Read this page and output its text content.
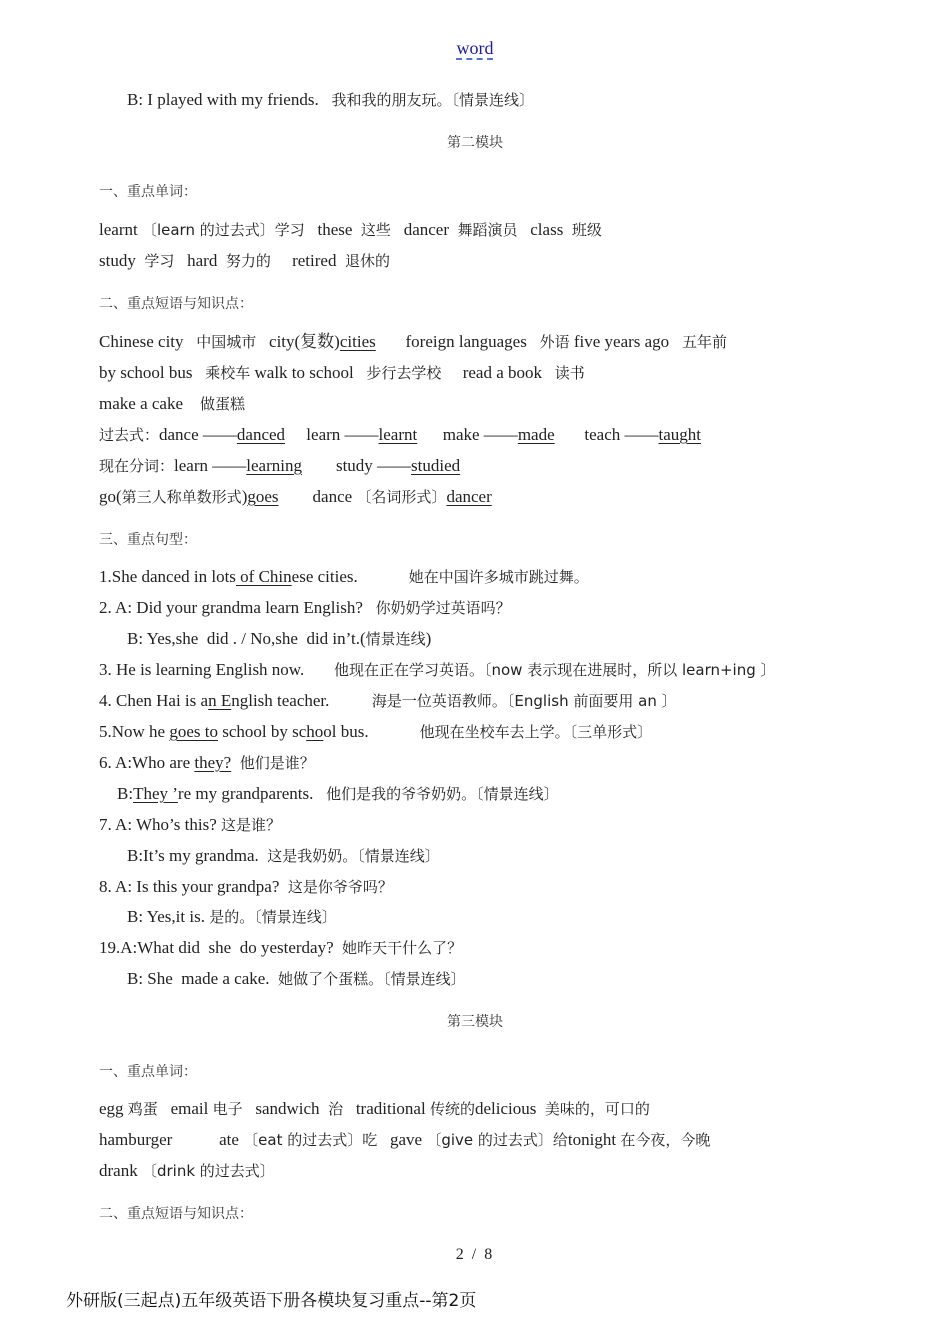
word
B: I played with my friends. 我和我的朋友玩。〔情景连线〕
第二模块
一、重点单词：
learnt 〔learn 的过去式〕学习 these 这些 dancer 舞蹈演员 class 班级
study 学习 hard 努力的 retired 退休的
二、重点短语与知识点：
Chinese city 中国城市 city(复数)cities foreign languages 外语 five years ago 五年前
by school bus 乘校车 walk to school 步行去学校 read a book 读书
make a cake 做蛋糕
过去式：dance ——danced learn ——learnt make ——made teach ——taught
现在分词：learn ——learning study ——studied
go(第三人称单数形式)goes dance 〔名词形式〕dancer
三、重点句型：
1.She danced in lots of Chinese cities.	她在中国许多城市跳过舞。
2. A: Did your grandma learn English? 你奶奶学过英语吗？
B: Yes,she  did . / No,she  did in’t.(情景连线)
3. He is learning English now. 他现在正在学习英语。〔now 表示现在进展时，所以 learn+ing 〕
4. Chen Hai is an English teacher.	海是一位英语教师。〔English 前面要用 an 〕
5.Now he goes to school by school bus.	他现在坐校车去上学。〔三单形式〕
6. A:Who are they? 他们是谁？
B:They ’re my grandparents. 他们是我的爷爷奶奶。〔情景连线〕
7. A: Who’s this? 这是谁？
B:It’s my grandma. 这是我奶奶。〔情景连线〕
8. A: Is this your grandpa? 这是你爷爷吗？
B: Yes,it is. 是的。〔情景连线〕
19.A:What did  she  do yesterday? 她昨天干什么了？
B: She  made a cake. 她做了个蛋糕。〔情景连线〕
第三模块
一、重点单词：
egg 鸡蛋 email 电子 sandwich 治 traditional 传统的delicious 美味的，可口的
hamburger	ate 〔eat 的过去式〕吃 gave 〔give 的过去式〕给tonight 在今夜，今晚
drank 〔drink 的过去式〕
二、重点短语与知识点：
2 / 8
外研版(三起点)五年级英语下册各模块复习重点--第2页
